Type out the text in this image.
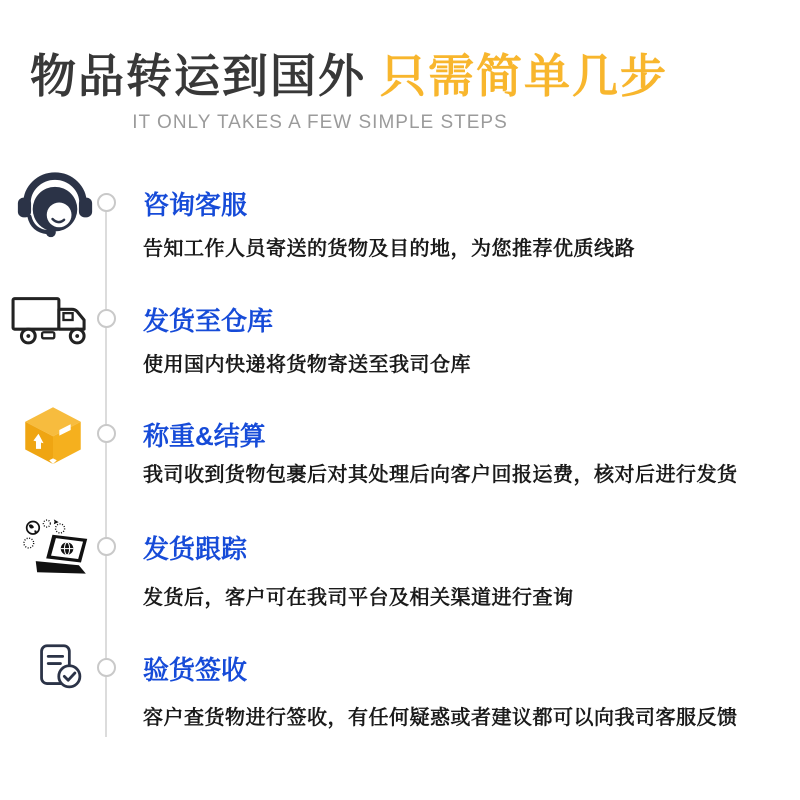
物品转运到国外 只需简单几步
IT ONLY TAKES A FEW SIMPLE STEPS
咨询客服
告知工作人员寄送的货物及目的地，为您推荐优质线路
发货至仓库
使用国内快递将货物寄送至我司仓库
称重&结算
我司收到货物包裹后对其处理后向客户回报运费，核对后进行发货
发货跟踪
发货后，客户可在我司平台及相关渠道进行查询
验货签收
容户查货物进行签收，有任何疑惑或者建议都可以向我司客服反馈
